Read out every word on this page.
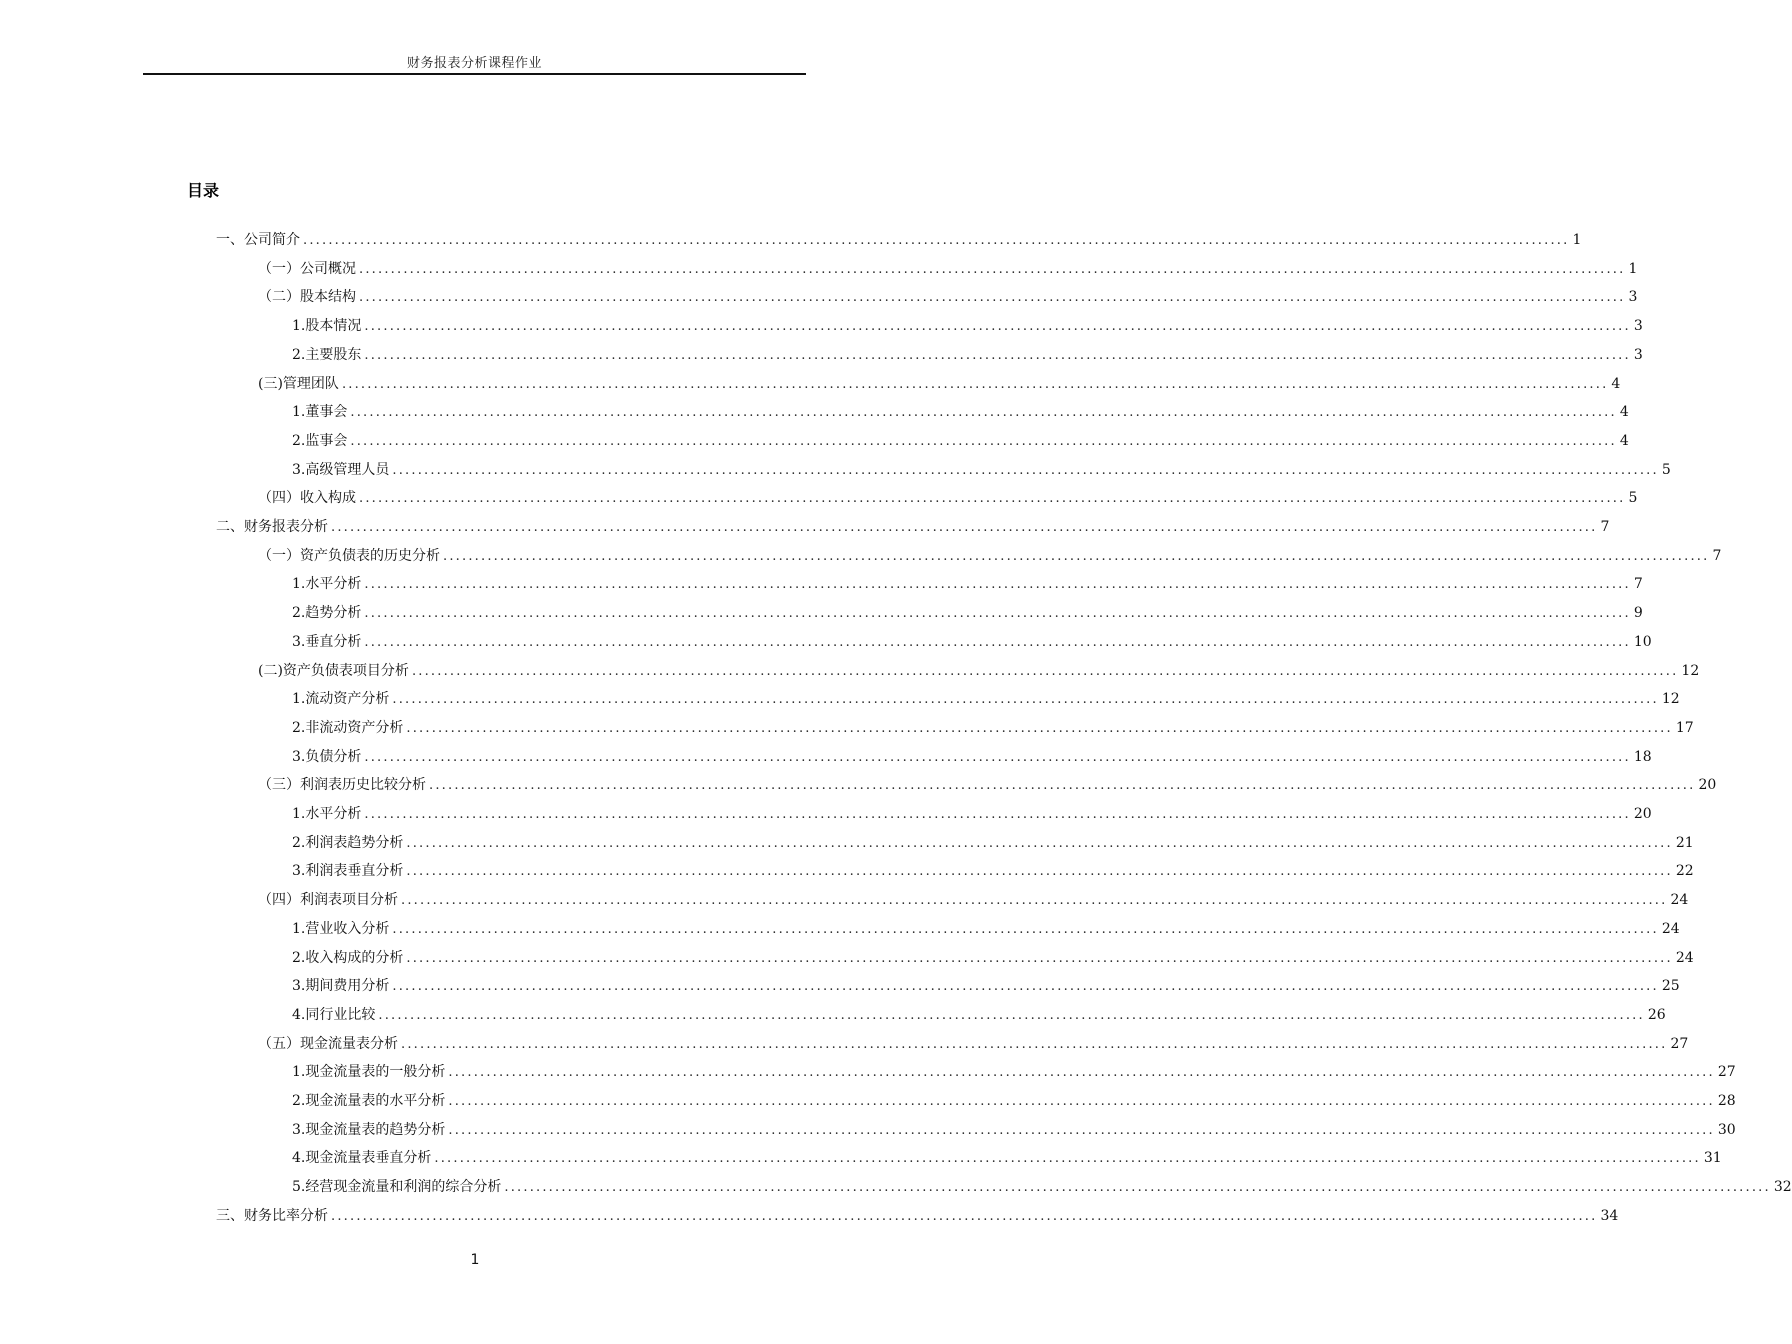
财务报表分析课程作业
目录
一、公司简介 ........................................................................................................................................................................................................ 1
（一）公司概况 ........................................................................................................................................................................................................ 1
（二）股本结构 ........................................................................................................................................................................................................ 3
1.股本情况 ........................................................................................................................................................................................................ 3
2.主要股东 ........................................................................................................................................................................................................ 3
(三)管理团队 ........................................................................................................................................................................................................ 4
1.董事会 ........................................................................................................................................................................................................ 4
2.监事会 ........................................................................................................................................................................................................ 4
3.高级管理人员 ........................................................................................................................................................................................................ 5
（四）收入构成 ........................................................................................................................................................................................................ 5
二、财务报表分析 ........................................................................................................................................................................................................ 7
（一）资产负债表的历史分析 ........................................................................................................................................................................................................ 7
1.水平分析 ........................................................................................................................................................................................................ 7
2.趋势分析 ........................................................................................................................................................................................................ 9
3.垂直分析 ........................................................................................................................................................................................................ 10
(二)资产负债表项目分析 ........................................................................................................................................................................................................ 12
1.流动资产分析 ........................................................................................................................................................................................................ 12
2.非流动资产分析 ........................................................................................................................................................................................................ 17
3.负债分析 ........................................................................................................................................................................................................ 18
（三）利润表历史比较分析 ........................................................................................................................................................................................................ 20
1.水平分析 ........................................................................................................................................................................................................ 20
2.利润表趋势分析 ........................................................................................................................................................................................................ 21
3.利润表垂直分析 ........................................................................................................................................................................................................ 22
（四）利润表项目分析 ........................................................................................................................................................................................................ 24
1.营业收入分析 ........................................................................................................................................................................................................ 24
2.收入构成的分析 ........................................................................................................................................................................................................ 24
3.期间费用分析 ........................................................................................................................................................................................................ 25
4.同行业比较 ........................................................................................................................................................................................................ 26
（五）现金流量表分析 ........................................................................................................................................................................................................ 27
1.现金流量表的一般分析 ........................................................................................................................................................................................................ 27
2.现金流量表的水平分析 ........................................................................................................................................................................................................ 28
3.现金流量表的趋势分析 ........................................................................................................................................................................................................ 30
4.现金流量表垂直分析 ........................................................................................................................................................................................................ 31
5.经营现金流量和利润的综合分析 ........................................................................................................................................................................................................ 32
三、财务比率分析 ........................................................................................................................................................................................................ 34
1
